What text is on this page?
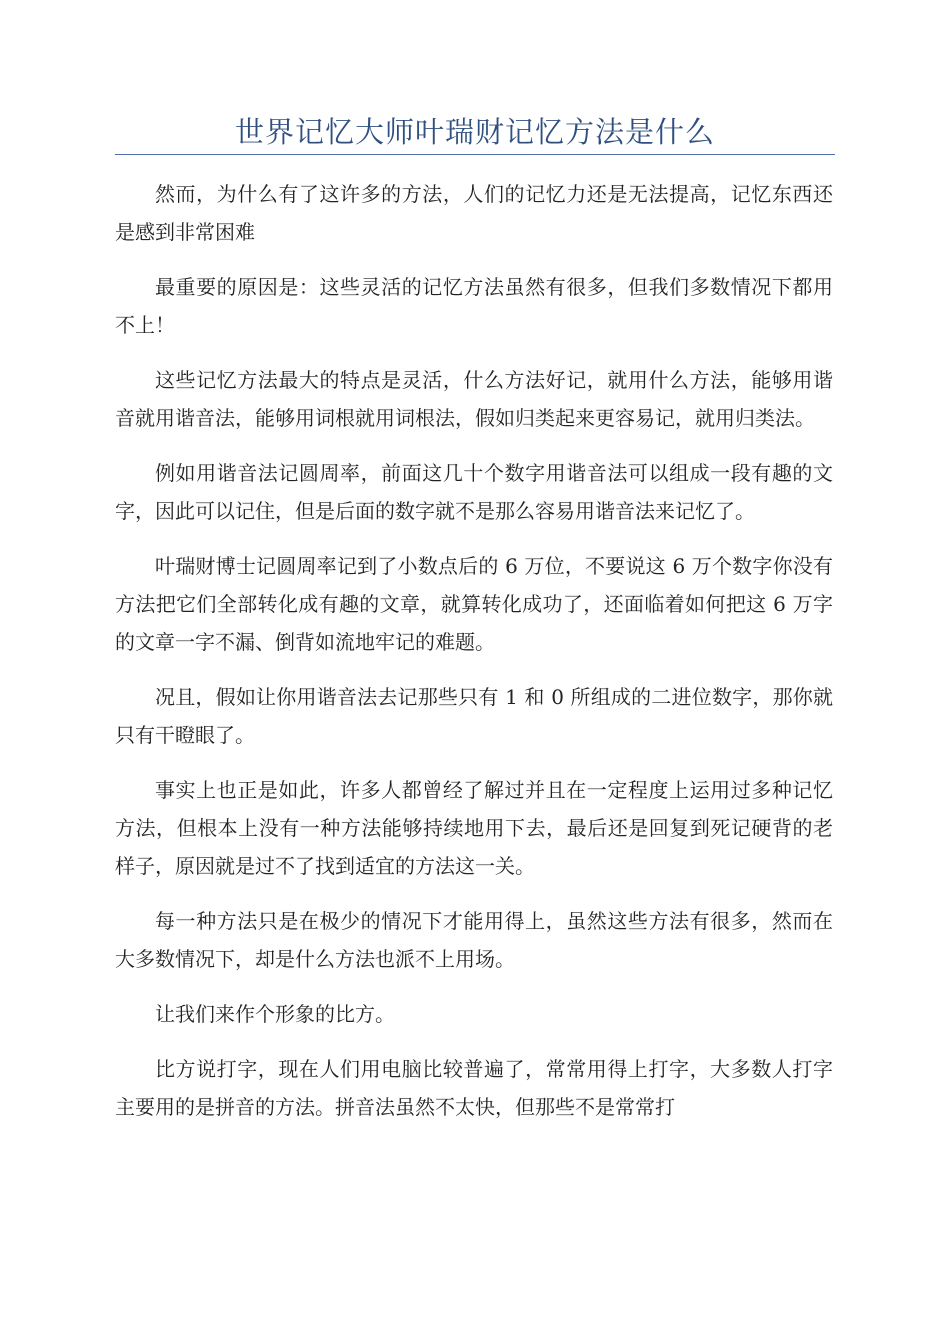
世界记忆大师叶瑞财记忆方法是什么

然而，为什么有了这许多的方法，人们的记忆力还是无法提高，记忆东西还是感到非常困难

最重要的原因是：这些灵活的记忆方法虽然有很多，但我们多数情况下都用不上！

这些记忆方法最大的特点是灵活，什么方法好记，就用什么方法，能够用谐音就用谐音法，能够用词根就用词根法，假如归类起来更容易记，就用归类法。

例如用谐音法记圆周率，前面这几十个数字用谐音法可以组成一段有趣的文字，因此可以记住，但是后面的数字就不是那么容易用谐音法来记忆了。

叶瑞财博士记圆周率记到了小数点后的 6 万位，不要说这 6 万个数字你没有方法把它们全部转化成有趣的文章，就算转化成功了，还面临着如何把这 6 万字的文章一字不漏、倒背如流地牢记的难题。

况且，假如让你用谐音法去记那些只有 1 和 0 所组成的二进位数字，那你就只有干瞪眼了。

事实上也正是如此，许多人都曾经了解过并且在一定程度上运用过多种记忆方法，但根本上没有一种方法能够持续地用下去，最后还是回复到死记硬背的老样子，原因就是过不了找到适宜的方法这一关。

每一种方法只是在极少的情况下才能用得上，虽然这些方法有很多，然而在大多数情况下，却是什么方法也派不上用场。

让我们来作个形象的比方。

比方说打字，现在人们用电脑比较普遍了，常常用得上打字，大多数人打字主要用的是拼音的方法。拼音法虽然不太快，但那些不是常常打
